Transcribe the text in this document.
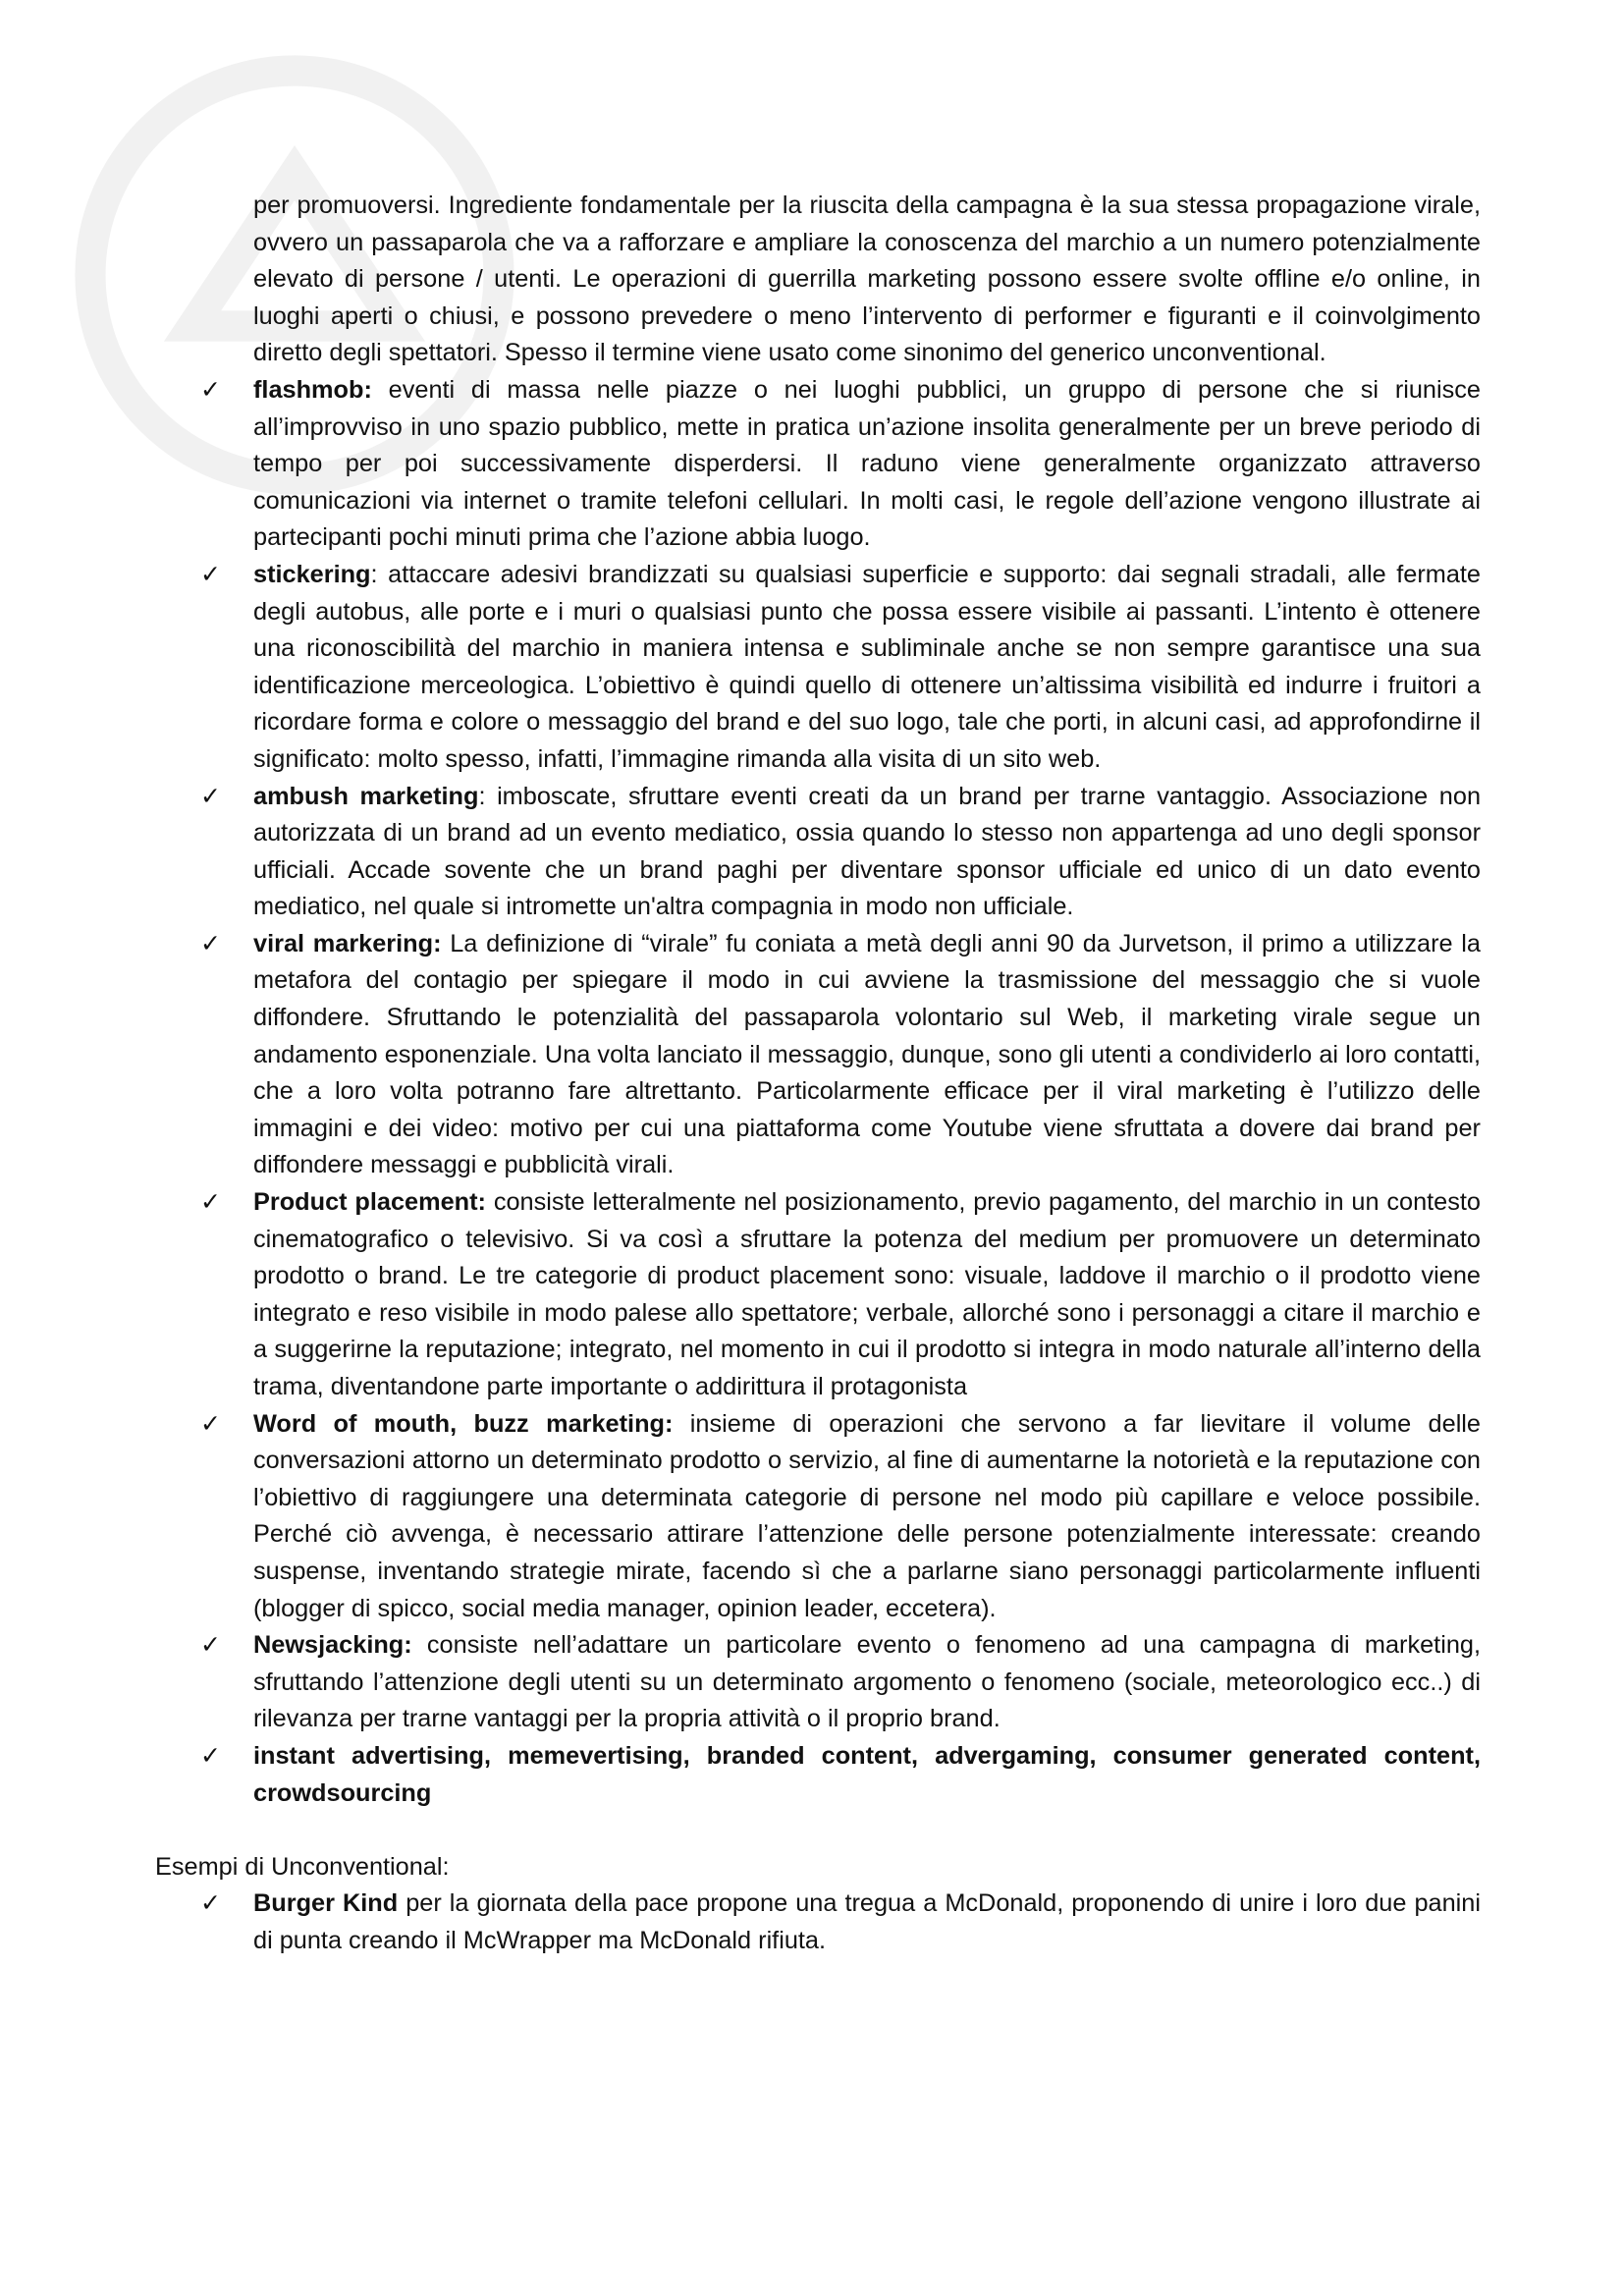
per promuoversi. Ingrediente fondamentale per la riuscita della campagna è la sua stessa propagazione virale, ovvero un passaparola che va a rafforzare e ampliare la conoscenza del marchio a un numero potenzialmente elevato di persone / utenti. Le operazioni di guerrilla marketing possono essere svolte offline e/o online, in luoghi aperti o chiusi, e possono prevedere o meno l’intervento di performer e figuranti e il coinvolgimento diretto degli spettatori. Spesso il termine viene usato come sinonimo del generico unconventional.

✓ flashmob: eventi di massa nelle piazze o nei luoghi pubblici, un gruppo di persone che si riunisce all’improvviso in uno spazio pubblico, mette in pratica un’azione insolita generalmente per un breve periodo di tempo per poi successivamente disperdersi. Il raduno viene generalmente organizzato attraverso comunicazioni via internet o tramite telefoni cellulari. In molti casi, le regole dell’azione vengono illustrate ai partecipanti pochi minuti prima che l’azione abbia luogo.
✓ stickering: attaccare adesivi brandizzati su qualsiasi superficie e supporto: dai segnali stradali, alle fermate degli autobus, alle porte e i muri o qualsiasi punto che possa essere visibile ai passanti. L’intento è ottenere una riconoscibilità del marchio in maniera intensa e subliminale anche se non sempre garantisce una sua identificazione merceologica. L’obiettivo è quindi quello di ottenere un’altissima visibilità ed indurre i fruitori a ricordare forma e colore o messaggio del brand e del suo logo, tale che porti, in alcuni casi, ad approfondirne il significato: molto spesso, infatti, l’immagine rimanda alla visita di un sito web.
✓ ambush marketing: imboscate, sfruttare eventi creati da un brand per trarne vantaggio. Associazione non autorizzata di un brand ad un evento mediatico, ossia quando lo stesso non appartenga ad uno degli sponsor ufficiali. Accade sovente che un brand paghi per diventare sponsor ufficiale ed unico di un dato evento mediatico, nel quale si intromette un'altra compagnia in modo non ufficiale.
✓ viral markering: La definizione di “virale” fu coniata a metà degli anni 90 da Jurvetson, il primo a utilizzare la metafora del contagio per spiegare il modo in cui avviene la trasmissione del messaggio che si vuole diffondere. Sfruttando le potenzialità del passaparola volontario sul Web, il marketing virale segue un andamento esponenziale. Una volta lanciato il messaggio, dunque, sono gli utenti a condividerlo ai loro contatti, che a loro volta potranno fare altrettanto. Particolarmente efficace per il viral marketing è l’utilizzo delle immagini e dei video: motivo per cui una piattaforma come Youtube viene sfruttata a dovere dai brand per diffondere messaggi e pubblicità virali.
✓ Product placement: consiste letteralmente nel posizionamento, previo pagamento, del marchio in un contesto cinematografico o televisivo. Si va così a sfruttare la potenza del medium per promuovere un determinato prodotto o brand. Le tre categorie di product placement sono: visuale, laddove il marchio o il prodotto viene integrato e reso visibile in modo palese allo spettatore; verbale, allorché sono i personaggi a citare il marchio e a suggerirne la reputazione; integrato, nel momento in cui il prodotto si integra in modo naturale all’interno della trama, diventandone parte importante o addirittura il protagonista
✓ Word of mouth, buzz marketing: insieme di operazioni che servono a far lievitare il volume delle conversazioni attorno un determinato prodotto o servizio, al fine di aumentarne la notorietà e la reputazione con l’obiettivo di raggiungere una determinata categorie di persone nel modo più capillare e veloce possibile. Perché ciò avvenga, è necessario attirare l’attenzione delle persone potenzialmente interessate: creando suspense, inventando strategie mirate, facendo sì che a parlarne siano personaggi particolarmente influenti (blogger di spicco, social media manager, opinion leader, eccetera).
✓ Newsjacking: consiste nell’adattare un particolare evento o fenomeno ad una campagna di marketing, sfruttando l’attenzione degli utenti su un determinato argomento o fenomeno (sociale, meteorologico ecc..) di rilevanza per trarne vantaggi per la propria attività o il proprio brand.
✓ instant advertising, memevertising, branded content, advergaming, consumer generated content, crowdsourcing

Esempi di Unconventional:

✓ Burger Kind per la giornata della pace propone una tregua a McDonald, proponendo di unire i loro due panini di punta creando il McWrapper ma McDonald rifiuta.
